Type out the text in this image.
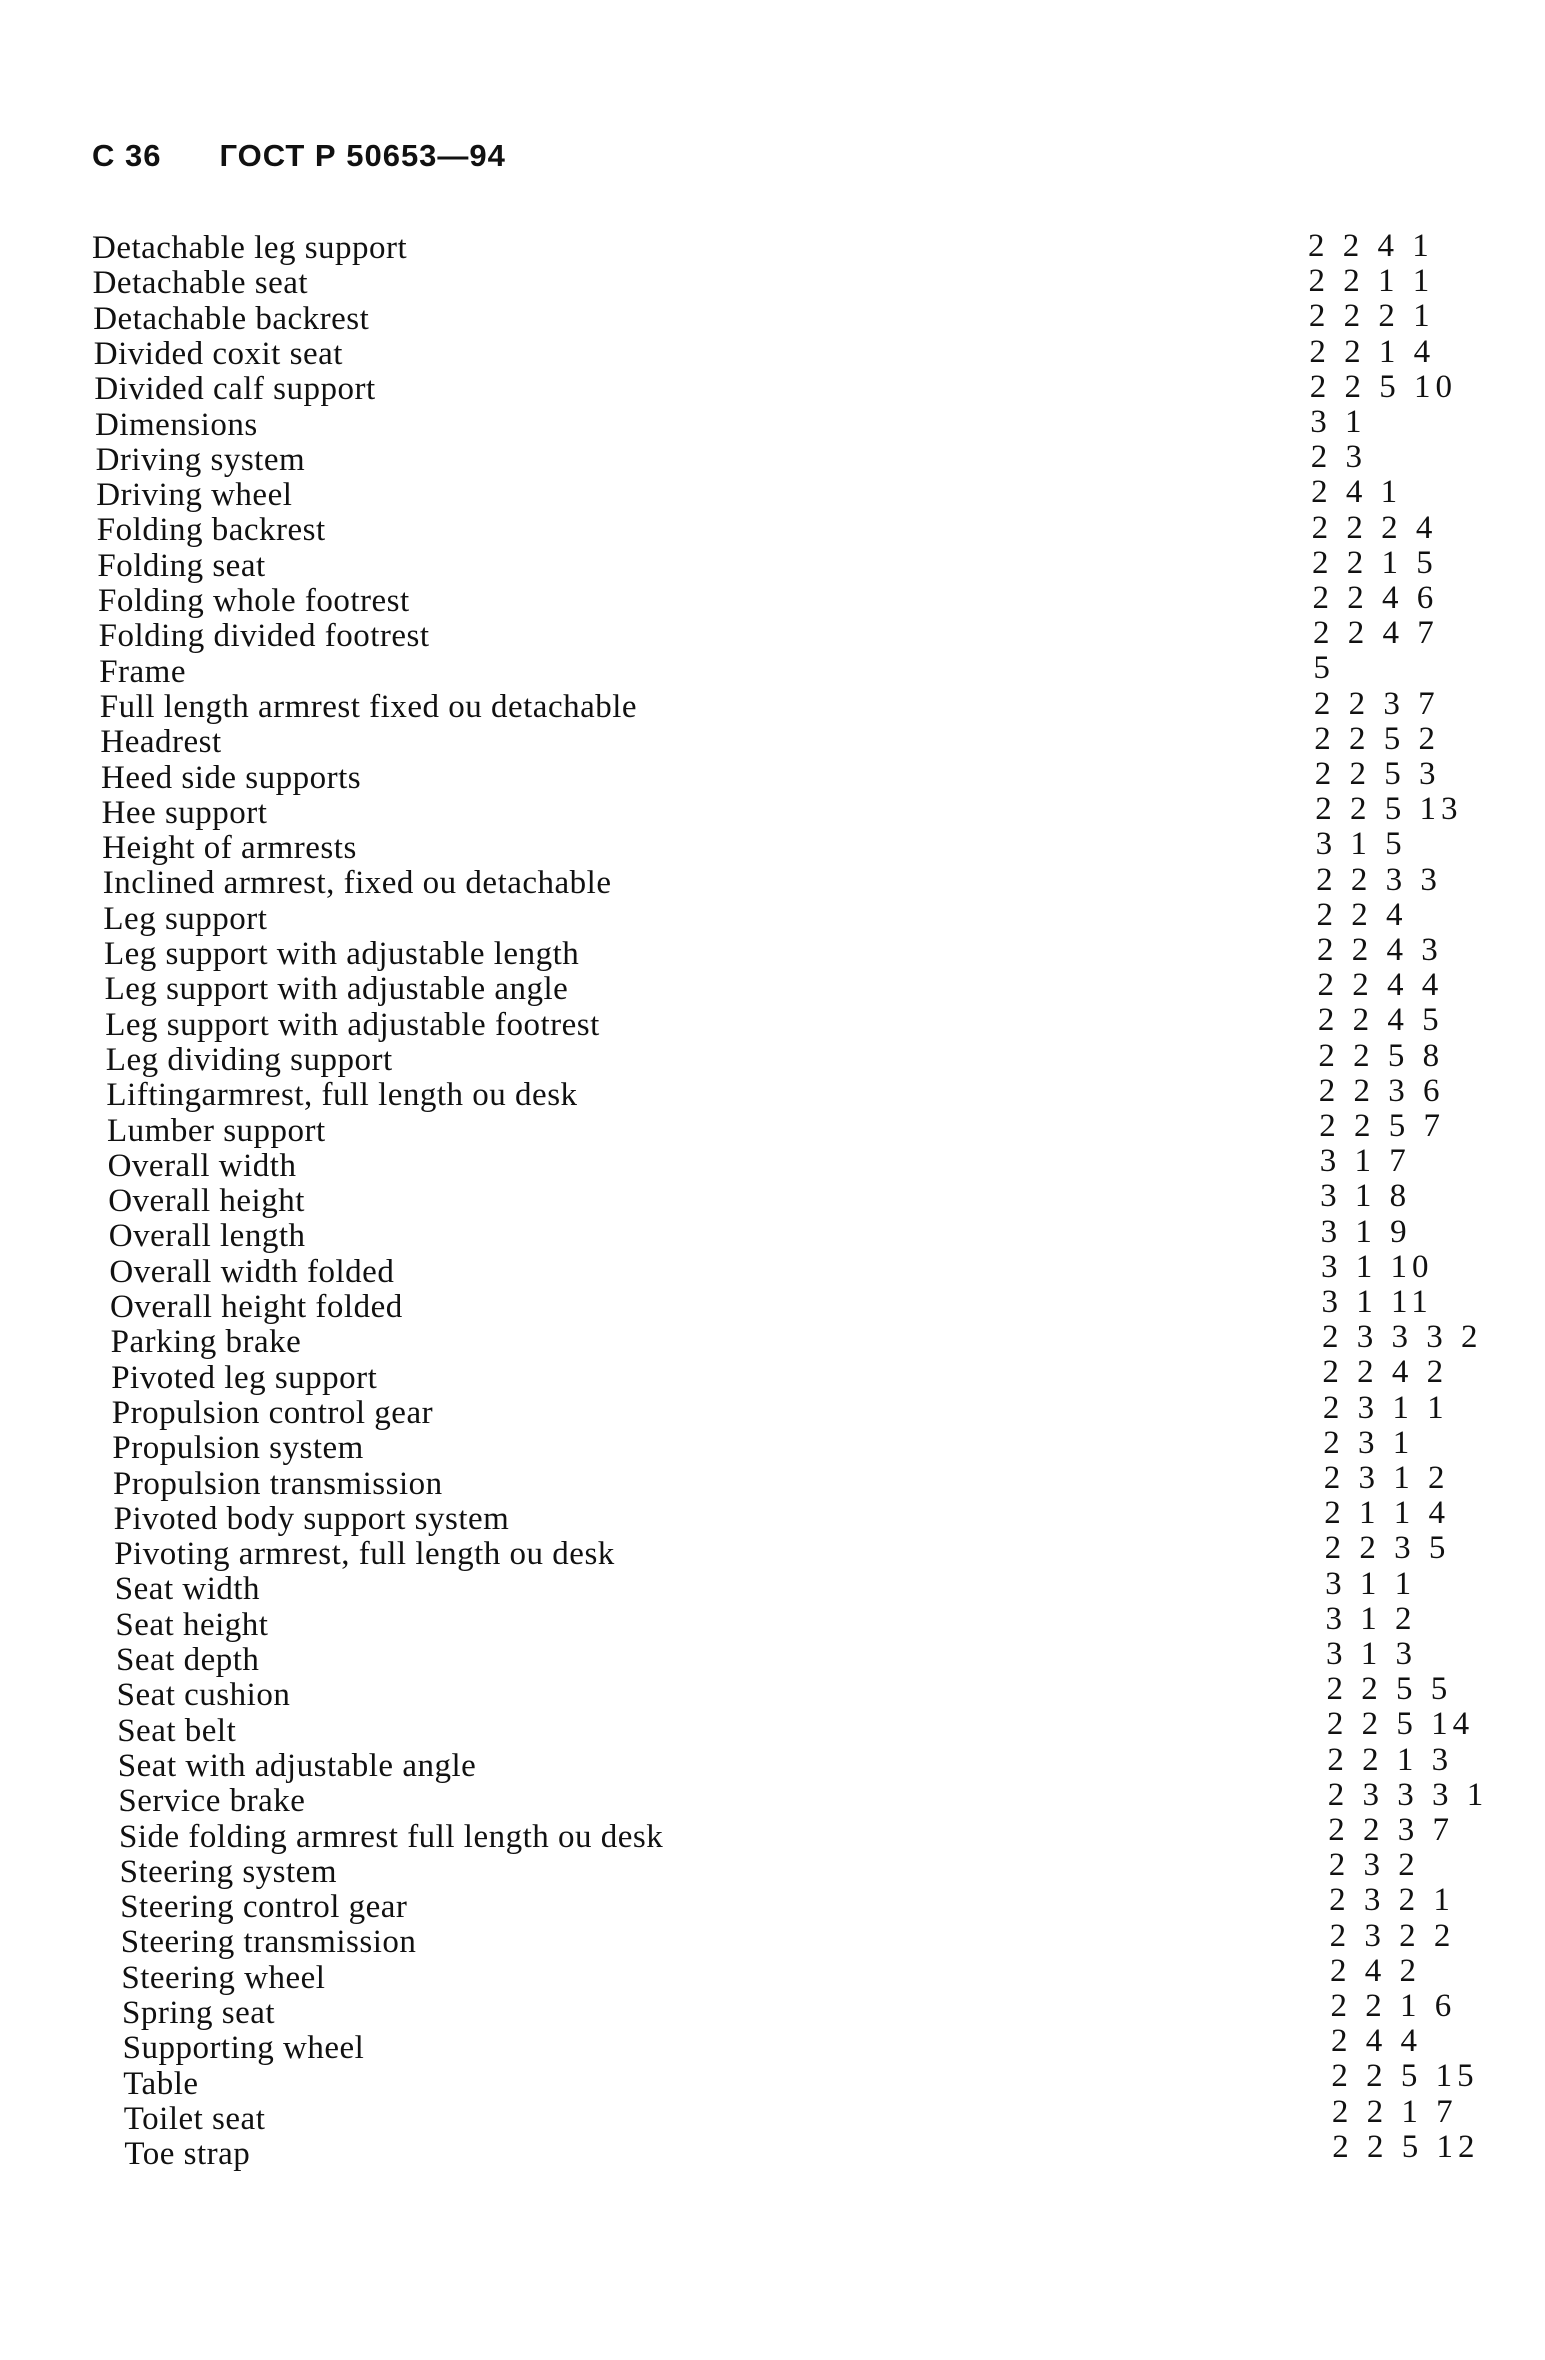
С 36 ГОСТ Р 50653—94
Detachable leg support	2 2 4 1
Detachable seat	2 2 1 1
Detachable backrest	2 2 2 1
Divided coxit seat	2 2 1 4
Divided calf support	2 2 5 10
Dimensions	3 1
Driving system	2 3
Driving wheel	2 4 1
Folding backrest	2 2 2 4
Folding seat	2 2 1 5
Folding whole footrest	2 2 4 6
Folding divided footrest	2 2 4 7
Frame	5
Full length armrest fixed ou detachable	2 2 3 7
Headrest	2 2 5 2
Heed side supports	2 2 5 3
Hee support	2 2 5 13
Height of armrests	3 1 5
Inclined armrest, fixed ou detachable	2 2 3 3
Leg support	2 2 4
Leg support with adjustable length	2 2 4 3
Leg support with adjustable angle	2 2 4 4
Leg support with adjustable footrest	2 2 4 5
Leg dividing support	2 2 5 8
Liftingarmrest, full length ou desk	2 2 3 6
Lumber support	2 2 5 7
Overall width	3 1 7
Overall height	3 1 8
Overall length	3 1 9
Overall width folded	3 1 10
Overall height folded	3 1 11
Parking brake	2 3 3 3 2
Pivoted leg support	2 2 4 2
Propulsion control gear	2 3 1 1
Propulsion system	2 3 1
Propulsion transmission	2 3 1 2
Pivoted body support system	2 1 1 4
Pivoting armrest, full length ou desk	2 2 3 5
Seat width	3 1 1
Seat height	3 1 2
Seat depth	3 1 3
Seat cushion	2 2 5 5
Seat belt	2 2 5 14
Seat with adjustable angle	2 2 1 3
Service brake	2 3 3 3 1
Side folding armrest full length ou desk	2 2 3 7
Steering system	2 3 2
Steering control gear	2 3 2 1
Steering transmission	2 3 2 2
Steering wheel	2 4 2
Spring seat	2 2 1 6
Supporting wheel	2 4 4
Table	2 2 5 15
Toilet seat	2 2 1 7
Toe strap	2 2 5 12
